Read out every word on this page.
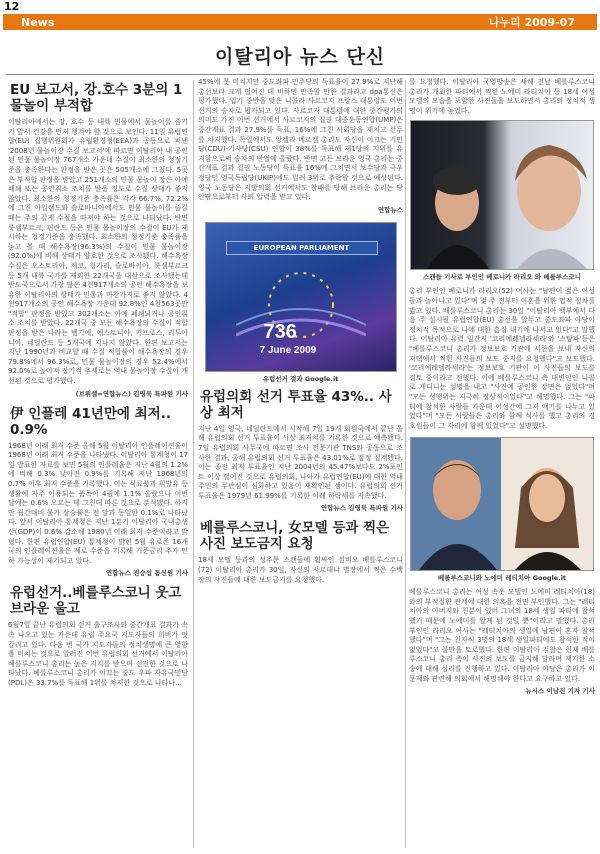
12
News	나누리 2009-07
이탈리아 뉴스 단신
EU 보고서, 강.호수 3분의 1 물놀이 부적합

이탈리아에서는 강, 호수 등 내륙 민물에서 물놀이를 즐기기 앞서 건강을 먼저 챙겨야 할 것으로 보인다. 11일 유럽연합(EU) 집행위원회가 유럽환경청(EEA)과 공동으로 펴낸 '2008년 물놀이장 수질 보고서'에 따르면 이탈리아 내 공인된 민물 물놀이장 767개소 가운데 수질이 최소한의 청정기준을 충족한다는 판정을 받은 곳은 505개소에 그쳤다. 5곳은 부적합 판정을 받았고 251개소의 민물 물놀이 장은 아예 폐쇄 또는 공인취소 조치를 받을 정도로 수질 상태가 좋지 않았다. 최소한의 청정기준 충족률은 각각 66.7%, 72.2%에 그친 아일랜드와 슬로바니아에서도 민물 물놀이를 즐길 때는 주의 깊게 수질을 따져야 하는 것으로 나타났다. 반면 룩셈부르크, 핀란드 등은 민물 물놀이장의 수질이 EU가 제시하는 청정기준을 충족했다. 최소한의 청정기준 충족률을 놓고 볼 때 해수욕장(96.3%)의 수질이 민물 물놀이장(92.0%)에 비해 상태가 양호한 것으로 조사됐다. 해수욕장 수질은 오스트리아, 체코, 헝가리, 슬로바키아, 룩셈부르크 등 5개 내륙 국가를 제외한 22개국을 대상으로 조사됐는데 반도국으로서 가장 많은 4천917개소의 공인 해수욕장을 보유한 이탈리아의 상태가 민물과 마찬가지로 좋지 않았다. 4천917개소의 공인 해수욕장 가운데 92.8%인 4천563곳만 "적합" 판정을 받았고 302개소는 아예 폐쇄되거나 공인취소 조치를 받았다. 22개국 중 모든 해수욕장의 수질이 적합 판정을 받은 나라는 벨기에, 에스토니아, 키프로스, 리투아니아, 네덜란드 등 5개국에 지나지 않았다. 한편 보고서는 지난 1990년과 비교할 때 수질 적합률이 해수욕장의 경우 79.8%에서 96.3%로, 민물 물놀이장의 경우 52.4%에서 92.0%로 높아져 장기적 추세로는 역내 물놀이장 수질이 개선된 것으로 평가했다.

(브뤼셀=연합뉴스) 김영묵 특파원 기사
伊 인플레 41년만에 최저.. 0.9%

1968년 이래 최저 수준 올해 5월 이탈리아 인플레이션율이 1968년 이래 최저 수준을 나타냈다. 이탈리아 통계청이 17일 발표한 자료를 보면 5월의 인플레율은 지난 4월의 1.2%에 비해 0.3% 낮아진 0.9%를 기록해 지난 1968년의 0.7% 이후 최저 수준을 기록했다. 이는 식료품과 휘발유 등 생활에 자주 이용되는 품목이 4월에 1.1% 올랐으나 이번 달에는 0.6% 오르는 데 그친데 따른 것으로 분석됐다. 하지만 월간대비 물가 상승률은 전 달과 동일한 0.1%로 나타났다. 앞서 이탈리아 통계청은 지난 1분기 이탈리아 국내총생산(GDP)이 0.6% 감소해 1980년 이래 최저 수준이라고 밝혔다. 한편 유럽연합(EU) 통계청이 밝힌 5월 유로존 16개국의 인플레이션율은 제로 수준을 기록해 기준금리 추가 인하 가능성이 제기되고 있다.

연합뉴스 전승섭 통신원 기사
유럽선거..베를루스코니 웃고 브라운 울고

6월7일 끝난 유럽의회 선거 출구조사와 중간개표 결과가 속속 나오고 있는 가운데 유럽 주요국 지도자들의 희비가 엇갈리고 있다. 다음 번 국가 지도자들의 정치생명에 큰 영향을 미치는 것으로 알려진 이번 유럽의회 선거에서 이탈리아 베를루스코니 총리는 높은 지지를 받으며 선전한 것으로 나타났다. 베를루스코니 총리가 이끄는 중도 우파 자유국민당(PDL)은 33.7%를 득표해 1위를 차지한 것으로 나타나...

45%에 못 미치지만 중도좌파 민주당의 득표율이 27.9%로 지난해 총선보다 크게 떨어진 데 비하면 만족할 만한 결과라고 dpa통신은 평가했다. 입기 중반을 맞은 니콜라 사르코지 프랑스 대통령도 이번 선거의 승자로 평가되고 있다. 사르코지 대통령에 대한 중간평가의 의미도 가진 이번 선거에서 사르코지의 집권 대중운동연합(UMP)은 중간개표 결과 27.9%를 득표, 16%에 그친 사회당을 제치고 선두를 차지했다. 독일에서도 앙겔라 메르켈 총리도 자신이 이끄는 기민당(CDU)-기사당(CSU) 연합이 38%를 득표해 제1당의 지위를 유지함으로써 승자의 반열에 올랐다. 반면 고든 브라운 영국 총리는 중간개표 결과 집권 노동당이 득표율 16%에 그치면서 보수당과 극우정당인 영국독립당(UKIP)에도 밀려 3위로 추락할 것으로 예상된다. 영국 노동당은 지방의회 선거에서도 참패를 당해 브라운 총리는 당 안팎으로부터 사퇴 압력을 받고 있다.

연합뉴스
EUROPEAN PARLIAMENT
736
7 June 2009
유럽선거 결과 Google.it
유럽의회 선거 투표율 43%.. 사상 최저

지난 4일 영국, 네덜란드에서 시작해 7일 19개 회원국에서 끝난 올해 유럽의회 선거 투표율이 사상 최저치를 기록한 것으로 예측됐다. 7일 유럽의회 사무국에 따르면 조사 전문기관 TNS와 공동으로 조사한 결과, 올해 유럽의회 선거 투표율은 43.01%로 잠정 집계됐다. 이는 종전 최저 투표율인 지난 2004년의 45.47%보다도 2%포인트 이상 떨어진 것으로 유럽의회, 나아가 유럽연합(EU)에 대한 역내 주민의 무관심이 심화하고 있음이 재확인된 셈이다. 유럽의회 선거 투표율은 1979년 61.99%를 기록한 이래 하락세를 지속했다.

연합뉴스 김영묵 특파원 기사
베를루스코니, 女모델 등과 찍은 사진 보도금지 요청

18세 모델 등과의 성추문 스캔들에 휩싸인 실비오 베를루스코니(72) 이탈리아 총리가 30일, 자신의 사르데냐 별장에서 찍은 수백 장의 사진들에 대한 보도금지를 요청했다.

를 요청했다. 이탈리아 국영방송은 새해 전날 베를루스코니 총리가 개최한 파티에서 찍힌 노에미 라티치아 등 18세 여성 모델의 모습을 포함한 사진들을 보도하면서 총리의 정치적 생명이 위기에 놓였다.

스캔들 기사로 부인인 베로니카 라리오 와 베를루스코니

총리 부인인 베로니카 라리오(52) 여사는 "남편이 젊은 여성들과 놀아나고 있다"며 몇 주 전부터 이혼을 위한 법적 절차를 밟고 있다. 베를루스코니 총리는 30일 "이탈리아 백부에서 다음 주 실시될 유럽연합(EU) 총선을 앞두고 중도좌파 야당이 정치적 목적으로 나에 대한 흠집 내기에 나서고 있다"고 말했다. 이탈리아 유력 일간지 '코리에레델라세라'와 '스탐파'등은 "베를루스코니 총리가 정보보호 기관에 서한을 보내 자신의 저택에서 찍힌 사진들의 보도 중지를 요청했다"고 보도했다. '코리에레델라세라'는 정보보호 기관이 이 사진들의 보도를 검토 중이라고 전했다. 이에 베를루스코니 측 대변인인 니콜로 게디니는 성명을 내고 "사진에 공인한 장면은 없었다"며 "모든 성행위는 지극히 정상적이었다"고 해명했다. 그는 "파티에 참석한 사람들 가운데 이성간에 그저 얘기를 나누고 있었다"며 "모든 사람들은 총리와 함께 식사를 했고 총리의 경호원들이 그 자리에 함께 있었다"고 설명했다.

베를루스코니와 노에미 레티치아 Google.it

베를루스코니 총리는 여성 속옷 모델인 노에미 레티치아(18)와의 부적절한 관계에 대한 의혹을 전면 부인했다. 그는 "레티치아의 아버지와 친분이 있어 그녀의 18세 생일 파티에 참석했기 때문에 노에미를 알게 된 것일 뿐"이라고 말했다. 총리 부인인 라리오 여사는 "레티치아의 생일에 남편이 혼자 참석했다"며 "그는 친자식 3명의 18세 생일파티에도 참석한 적이 없었다"고 불만을 토로했다. 한편 이탈리아 검찰은 현재 베를루스코니 총리 측이 사진의 보도를 금지해 달라며 제기한 소송에 대해 심리를 진행하고 있다. 이탈리아 야당은 총리가 이 문제와 관련해 의회에서 해명해야 한다고 요구하고 있다.

뉴시스 이남진 기자 기사
